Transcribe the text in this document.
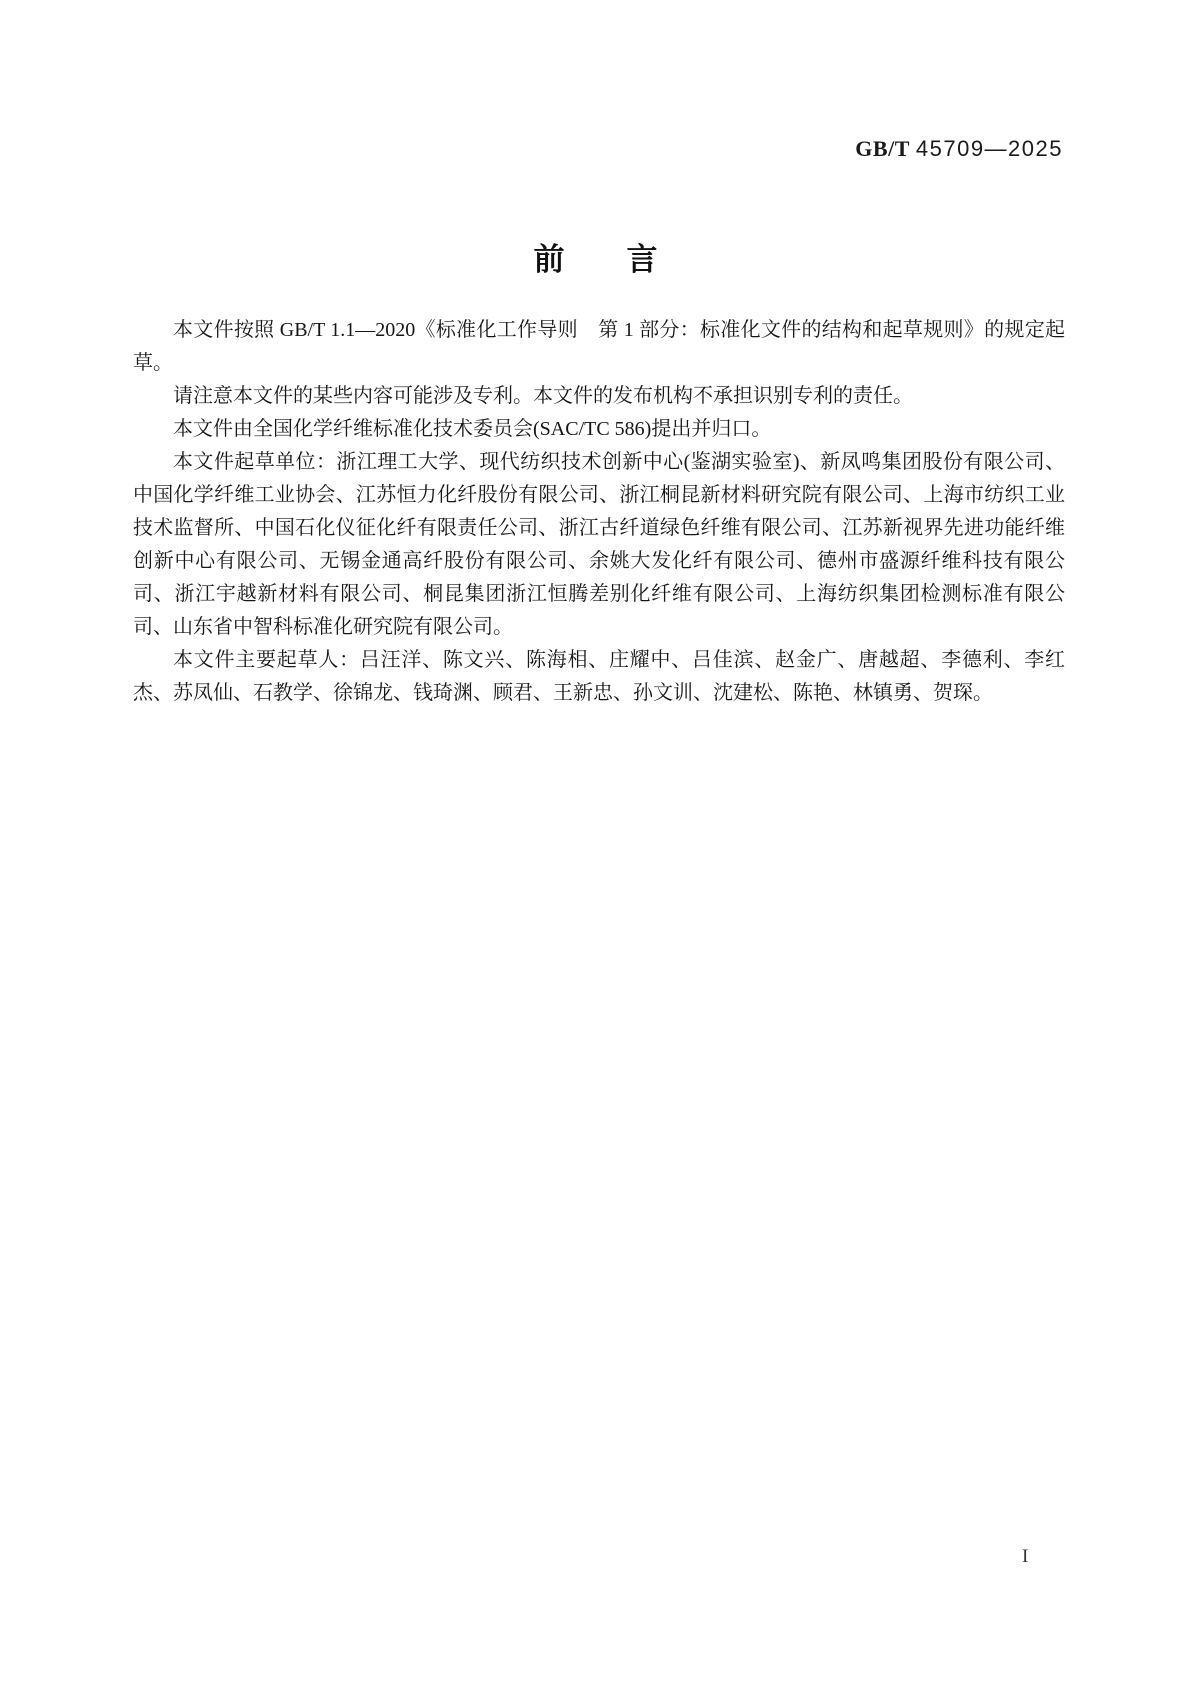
GB/T 45709—2025
前　　言

本文件按照 GB/T 1.1—2020《标准化工作导则　第 1 部分：标准化文件的结构和起草规则》的规定起草。

请注意本文件的某些内容可能涉及专利。本文件的发布机构不承担识别专利的责任。

本文件由全国化学纤维标准化技术委员会(SAC/TC 586)提出并归口。

本文件起草单位：浙江理工大学、现代纺织技术创新中心(鉴湖实验室)、新凤鸣集团股份有限公司、中国化学纤维工业协会、江苏恒力化纤股份有限公司、浙江桐昆新材料研究院有限公司、上海市纺织工业技术监督所、中国石化仪征化纤有限责任公司、浙江古纤道绿色纤维有限公司、江苏新视界先进功能纤维创新中心有限公司、无锡金通高纤股份有限公司、余姚大发化纤有限公司、德州市盛源纤维科技有限公司、浙江宇越新材料有限公司、桐昆集团浙江恒腾差别化纤维有限公司、上海纺织集团检测标准有限公司、山东省中智科标准化研究院有限公司。

本文件主要起草人：吕汪洋、陈文兴、陈海相、庄耀中、吕佳滨、赵金广、唐越超、李德利、李红杰、苏凤仙、石教学、徐锦龙、钱琦渊、顾君、王新忠、孙文训、沈建松、陈艳、林镇勇、贺琛。

I
